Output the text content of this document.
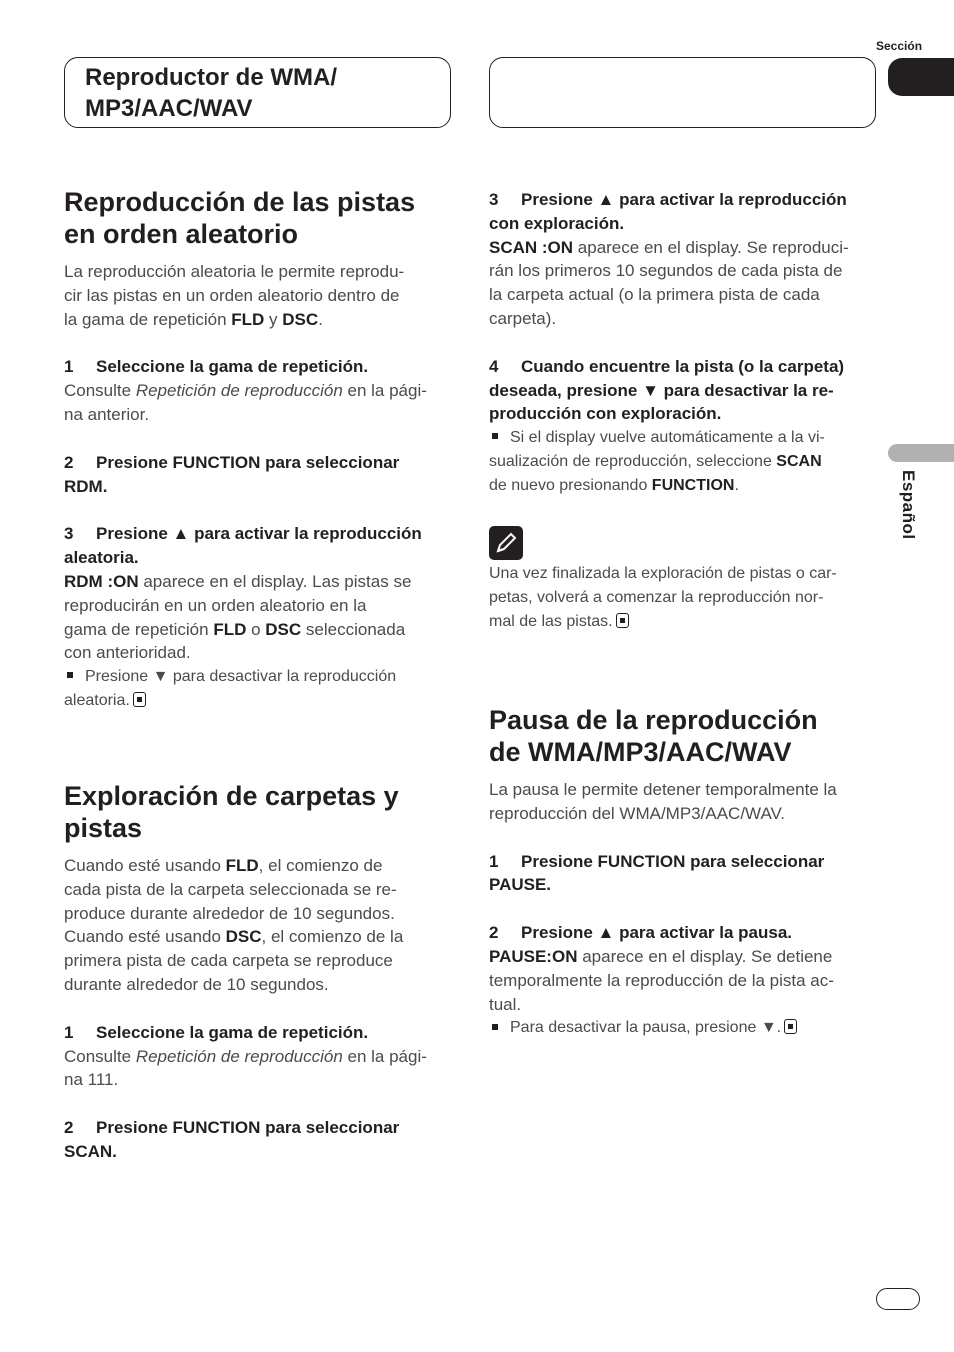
Reproductor de WMA/
MP3/AAC/WAV
Sección
Español
Reproducción de las pistas
en orden aleatorio

La reproducción aleatoria le permite reprodu-
cir las pistas en un orden aleatorio dentro de
la gama de repetición FLD y DSC.

1 Seleccione la gama de repetición.

Consulte Repetición de reproducción en la pági-
na anterior.

2 Presione FUNCTION para seleccionar
RDM.

3 Presione ▲ para activar la reproducción
aleatoria.

RDM :ON aparece en el display. Las pistas se
reproducirán en un orden aleatorio en la
gama de repetición FLD o DSC seleccionada
con anterioridad.

Presione ▼ para desactivar la reproducción
aleatoria.

Exploración de carpetas y
pistas

Cuando esté usando FLD, el comienzo de
cada pista de la carpeta seleccionada se re-
produce durante alrededor de 10 segundos.
Cuando esté usando DSC, el comienzo de la
primera pista de cada carpeta se reproduce
durante alrededor de 10 segundos.

1 Seleccione la gama de repetición.

Consulte Repetición de reproducción en la pági-
na 111.

2 Presione FUNCTION para seleccionar
SCAN.

3 Presione ▲ para activar la reproducción
con exploración.

SCAN :ON aparece en el display. Se reproduci-
rán los primeros 10 segundos de cada pista de
la carpeta actual (o la primera pista de cada
carpeta).

4 Cuando encuentre la pista (o la carpeta)
deseada, presione ▼ para desactivar la re-
producción con exploración.

Si el display vuelve automáticamente a la vi-
sualización de reproducción, seleccione SCAN
de nuevo presionando FUNCTION.

Una vez finalizada la exploración de pistas o car-
petas, volverá a comenzar la reproducción nor-
mal de las pistas.

Pausa de la reproducción
de WMA/MP3/AAC/WAV

La pausa le permite detener temporalmente la
reproducción del WMA/MP3/AAC/WAV.

1 Presione FUNCTION para seleccionar
PAUSE.

2 Presione ▲ para activar la pausa.

PAUSE:ON aparece en el display. Se detiene
temporalmente la reproducción de la pista ac-
tual.

Para desactivar la pausa, presione ▼.
